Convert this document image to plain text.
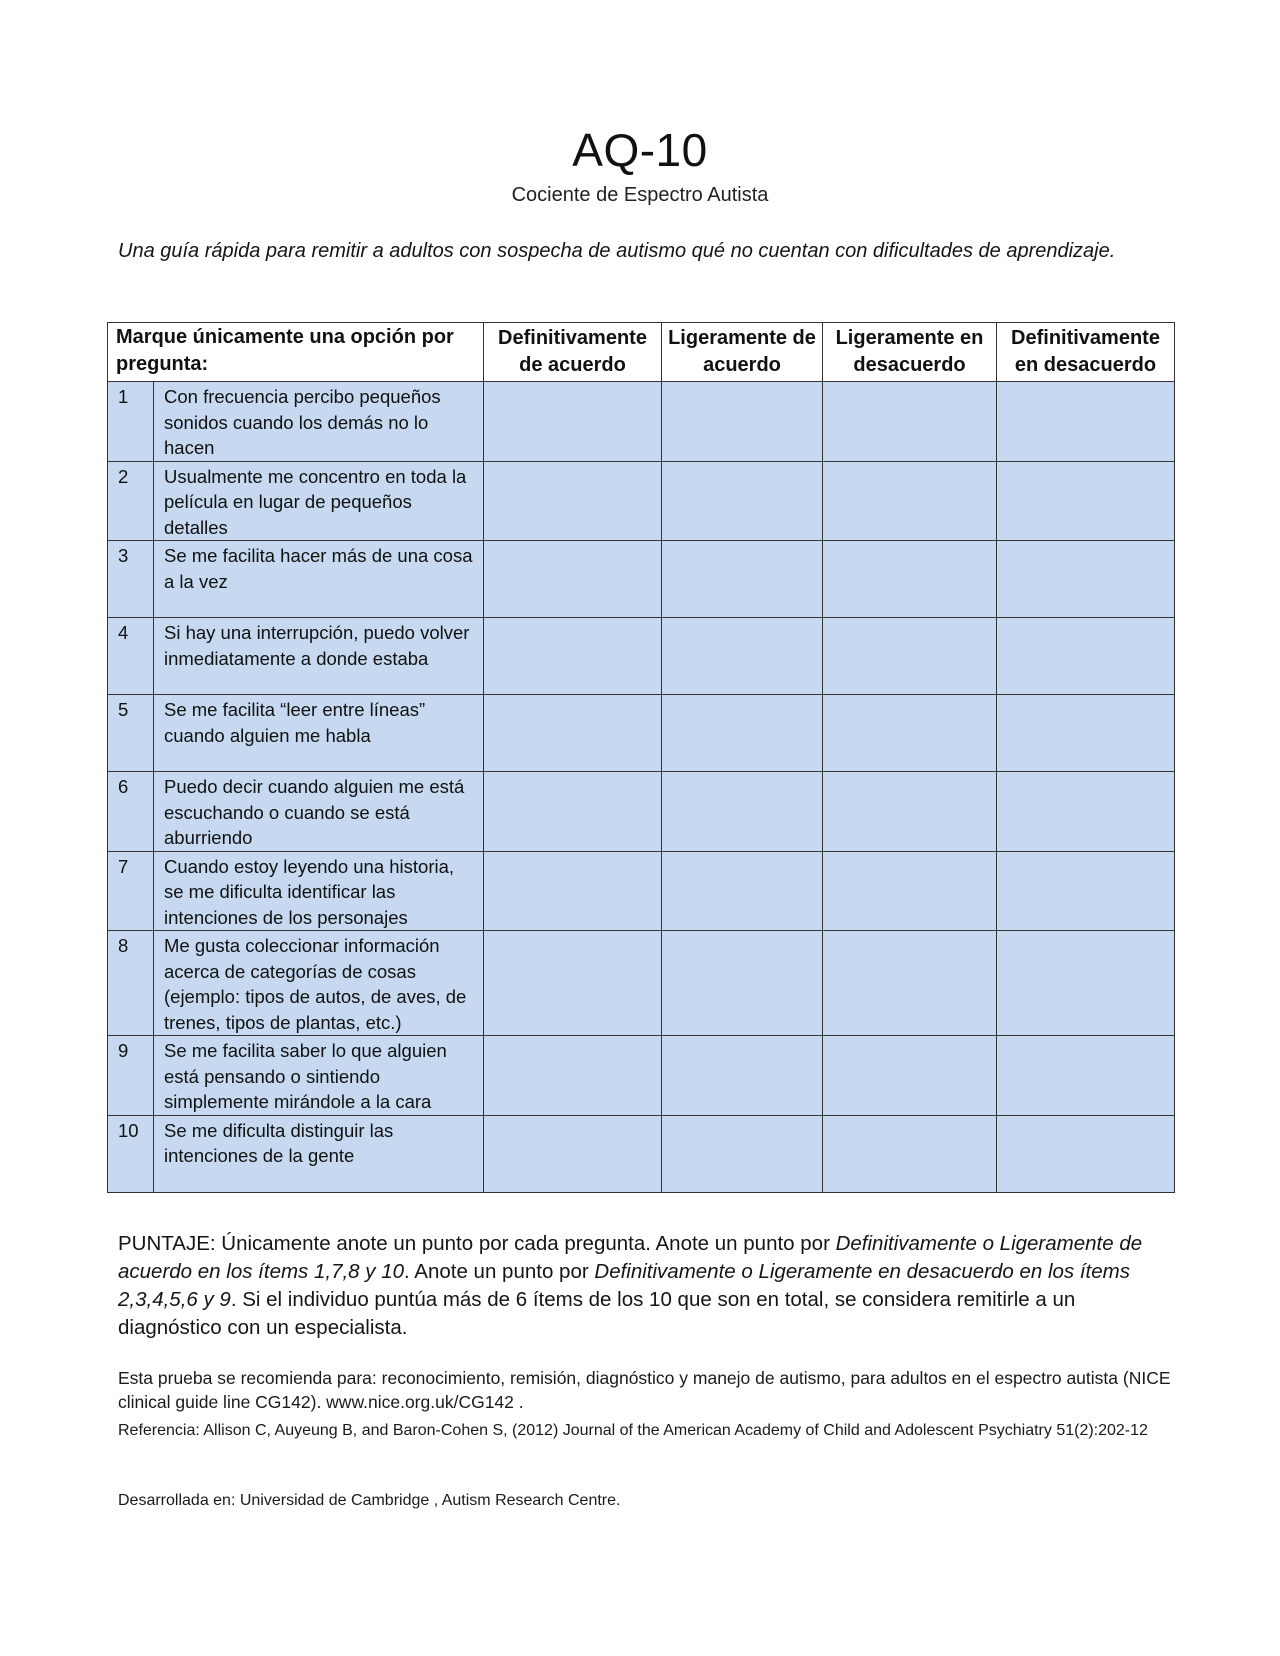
AQ-10
Cociente de Espectro Autista
Una guía rápida para remitir a adultos con sospecha de autismo qué no cuentan con dificultades de aprendizaje.
Marque únicamente una opción por pregunta:		Definitivamente de acuerdo	Ligeramente de acuerdo	Ligeramente en desacuerdo	Definitivamente en desacuerdo
1	Con frecuencia percibo pequeños sonidos cuando los demás no lo hacen				
2	Usualmente me concentro en toda la película en lugar de pequeños detalles				
3	Se me facilita hacer más de una cosa a la vez				
4	Si hay una interrupción, puedo volver inmediatamente a donde estaba				
5	Se me facilita “leer entre líneas” cuando alguien me habla				
6	Puedo decir cuando alguien me está escuchando o cuando se está aburriendo				
7	Cuando estoy leyendo una historia, se me dificulta identificar las intenciones de los personajes				
8	Me gusta coleccionar información acerca de categorías de cosas (ejemplo: tipos de autos, de aves, de trenes, tipos de plantas, etc.)				
9	Se me facilita saber lo que alguien está pensando o sintiendo simplemente mirándole a la cara				
10	Se me dificulta distinguir las intenciones de la gente				
PUNTAJE: Únicamente anote un punto por cada pregunta. Anote un punto por Definitivamente o Ligeramente de acuerdo en los ítems 1,7,8 y 10. Anote un punto por Definitivamente o Ligeramente en desacuerdo en los ítems 2,3,4,5,6 y 9. Si el individuo puntúa más de 6 ítems de los 10 que son en total, se considera remitirle a un diagnóstico con un especialista.
Esta prueba se recomienda para: reconocimiento, remisión, diagnóstico y manejo de autismo, para adultos en el espectro autista (NICE clinical guide line CG142). www.nice.org.uk/CG142 .
Referencia: Allison C, Auyeung B, and Baron-Cohen S, (2012) Journal of the American Academy of Child and Adolescent Psychiatry 51(2):202-12
Desarrollada en: Universidad de Cambridge , Autism Research Centre.
